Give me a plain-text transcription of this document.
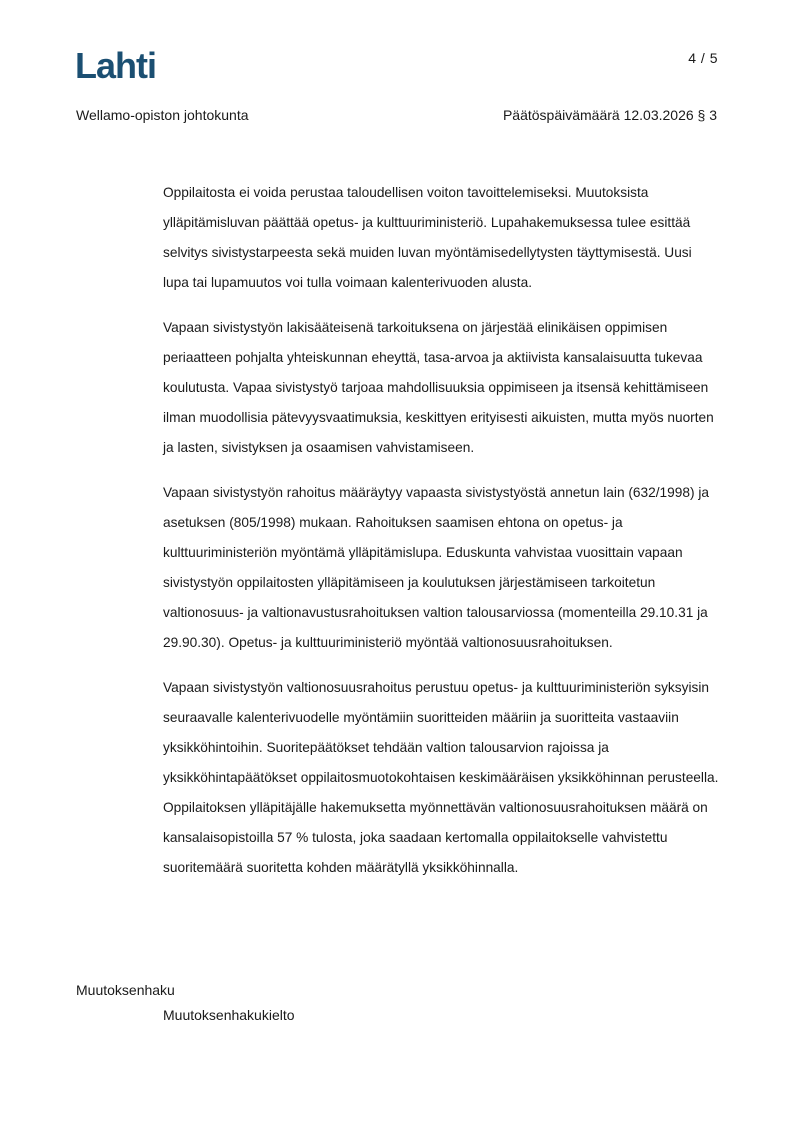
Lahti	4 / 5
Wellamo-opiston johtokunta	Päätöspäivämäärä 12.03.2026 § 3

Oppilaitosta ei voida perustaa taloudellisen voiton tavoittelemiseksi. Muutoksista ylläpitämisluvan päättää opetus- ja kulttuuriministeriö. Lupahakemuksessa tulee esittää selvitys sivistystarpeesta sekä muiden luvan myöntämisedellytysten täyttymisestä. Uusi lupa tai lupamuutos voi tulla voimaan kalenterivuoden alusta.

Vapaan sivistystyön lakisääteisenä tarkoituksena on järjestää elinikäisen oppimisen periaatteen pohjalta yhteiskunnan eheyttä, tasa-arvoa ja aktiivista kansalaisuutta tukevaa koulutusta. Vapaa sivistystyö tarjoaa mahdollisuuksia oppimiseen ja itsensä kehittämiseen ilman muodollisia pätevyysvaatimuksia, keskittyen erityisesti aikuisten, mutta myös nuorten ja lasten, sivistyksen ja osaamisen vahvistamiseen.

Vapaan sivistystyön rahoitus määräytyy vapaasta sivistystyöstä annetun lain (632/1998) ja asetuksen (805/1998) mukaan. Rahoituksen saamisen ehtona on opetus- ja kulttuuriministeriön myöntämä ylläpitämislupa. Eduskunta vahvistaa vuosittain vapaan sivistystyön oppilaitosten ylläpitämiseen ja koulutuksen järjestämiseen tarkoitetun valtionosuus- ja valtionavustusrahoituksen valtion talousarviossa (momenteilla 29.10.31 ja 29.90.30). Opetus- ja kulttuuriministeriö myöntää valtionosuusrahoituksen.

Vapaan sivistystyön valtionosuusrahoitus perustuu opetus- ja kulttuuriministeriön syksyisin seuraavalle kalenterivuodelle myöntämiin suoritteiden määriin ja suoritteita vastaaviin yksikköhintoihin. Suoritepäätökset tehdään valtion talousarvion rajoissa ja yksikköhintapäätökset oppilaitosmuotokohtaisen keskimääräisen yksikköhinnan perusteella. Oppilaitoksen ylläpitäjälle hakemuksetta myönnettävän valtionosuusrahoituksen määrä on kansalaisopistoilla 57 % tulosta, joka saadaan kertomalla oppilaitokselle vahvistettu suoritemäärä suoritetta kohden määrätyllä yksikköhinnalla.

Muutoksenhaku
Muutoksenhakukielto
